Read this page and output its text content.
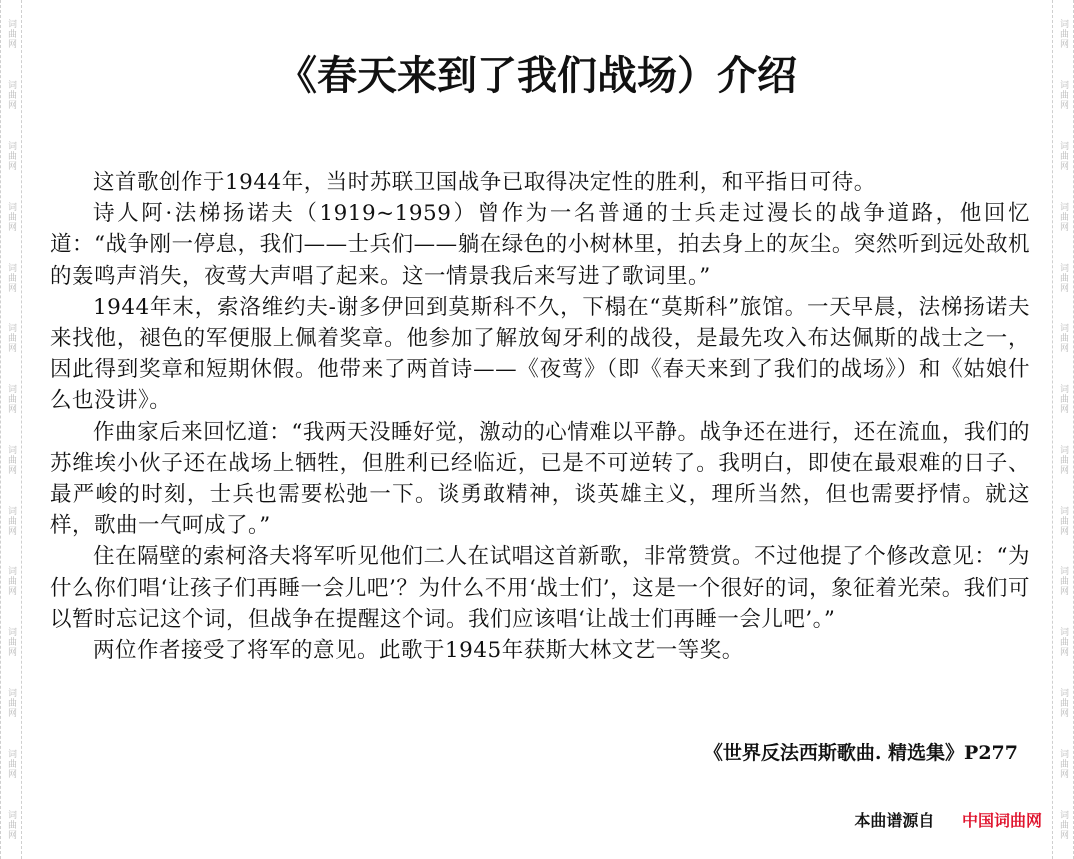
词曲网
词曲网
词曲网
词曲网
词曲网
词曲网
词曲网
词曲网
词曲网
词曲网
词曲网
词曲网
词曲网
词曲网
词曲网
词曲网
词曲网
词曲网
词曲网
词曲网
词曲网
词曲网
词曲网
词曲网
词曲网
词曲网
词曲网
词曲网
《春天来到了我们战场）介绍

这首歌创作于1944年，当时苏联卫国战争已取得决定性的胜利，和平指日可待。

诗人阿·法梯扬诺夫（1919~1959）曾作为一名普通的士兵走过漫长的战争道路，他回忆道：“战争刚一停息，我们——士兵们——躺在绿色的小树林里，拍去身上的灰尘。突然听到远处敌机的轰鸣声消失，夜莺大声唱了起来。这一情景我后来写进了歌词里。”

1944年末，索洛维约夫-谢多伊回到莫斯科不久，下榻在“莫斯科”旅馆。一天早晨，法梯扬诺夫来找他，褪色的军便服上佩着奖章。他参加了解放匈牙利的战役，是最先攻入布达佩斯的战士之一，因此得到奖章和短期休假。他带来了两首诗——《夜莺》（即《春天来到了我们的战场》）和《姑娘什么也没讲》。

作曲家后来回忆道：“我两天没睡好觉，激动的心情难以平静。战争还在进行，还在流血，我们的苏维埃小伙子还在战场上牺牲，但胜利已经临近，已是不可逆转了。我明白，即使在最艰难的日子、最严峻的时刻，士兵也需要松弛一下。谈勇敢精神，谈英雄主义，理所当然，但也需要抒情。就这样，歌曲一气呵成了。”

住在隔壁的索柯洛夫将军听见他们二人在试唱这首新歌，非常赞赏。不过他提了个修改意见：“为什么你们唱‘让孩子们再睡一会儿吧’？为什么不用‘战士们’，这是一个很好的词，象征着光荣。我们可以暂时忘记这个词，但战争在提醒这个词。我们应该唱‘让战士们再睡一会儿吧’。”

两位作者接受了将军的意见。此歌于1945年获斯大林文艺一等奖。

《世界反法西斯歌曲. 精选集》P277
本曲谱源自 中国词曲网
